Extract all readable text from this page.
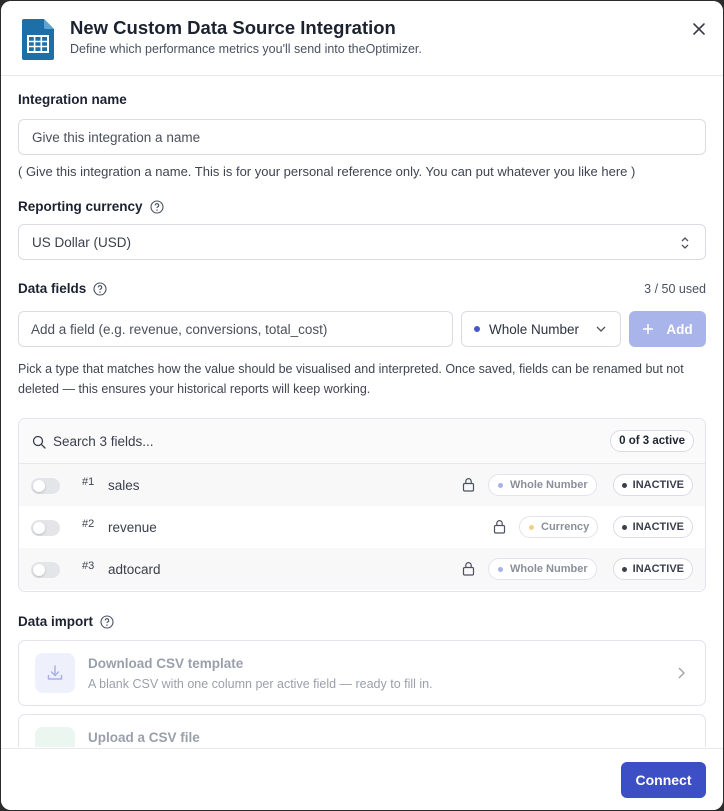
New Custom Data Source Integration
Define which performance metrics you'll send into theOptimizer.
Integration name
Give this integration a name
( Give this integration a name. This is for your personal reference only. You can put whatever you like here )
Reporting currency
US Dollar (USD)
Data fields	3 / 50 used
Add a field (e.g. revenue, conversions, total_cost)
Whole Number	Add
Pick a type that matches how the value should be visualised and interpreted. Once saved, fields can be renamed but not deleted — this ensures your historical reports will keep working.
Search 3 fields...	0 of 3 active
#1 sales	Whole Number	INACTIVE
#2 revenue	Currency	INACTIVE
#3 adtocard	Whole Number	INACTIVE
Data import
Download CSV template
A blank CSV with one column per active field — ready to fill in.
Upload a CSV file
Connect
